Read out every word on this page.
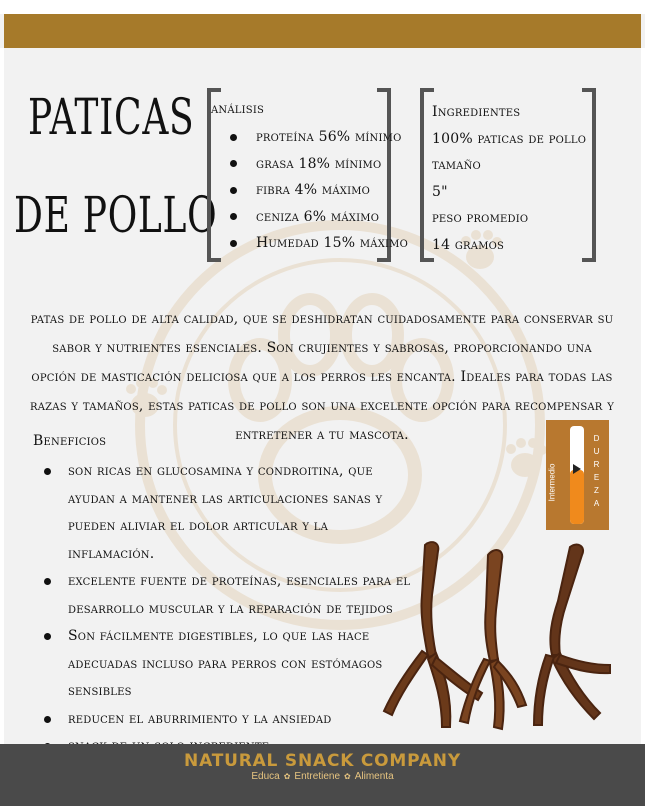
PATICAS
DE POLLO
análisis
proteína 56% mínimo
grasa 18% mínimo
fibra 4% máximo
ceniza 6% máximo
Humedad 15% máximo
Ingredientes
100% paticas de pollo
tamaño
5"
peso promedio
14 gramos

patas de pollo de alta calidad, que se deshidratan cuidadosamente para conservar su sabor y nutrientes esenciales. Son crujientes y sabrosas, proporcionando una opción de masticación deliciosa que a los perros les encanta. Ideales para todas las razas y tamaños, estas paticas de pollo son una excelente opción para recompensar y entretener a tu mascota.

Beneficios
son ricas en glucosamina y condroitina, que ayudan a mantener las articulaciones sanas y pueden aliviar el dolor articular y la inflamación.
excelente fuente de proteínas, esenciales para el desarrollo muscular y la reparación de tejidos
Son fácilmente digestibles, lo que las hace adecuadas incluso para perros con estómagos sensibles
reducen el aburrimiento y la ansiedad
Intermedio
D
U
R
E
Z
A
NATURAL SNACK COMPANY
Educa ✿ Entretiene ✿ Alimenta
